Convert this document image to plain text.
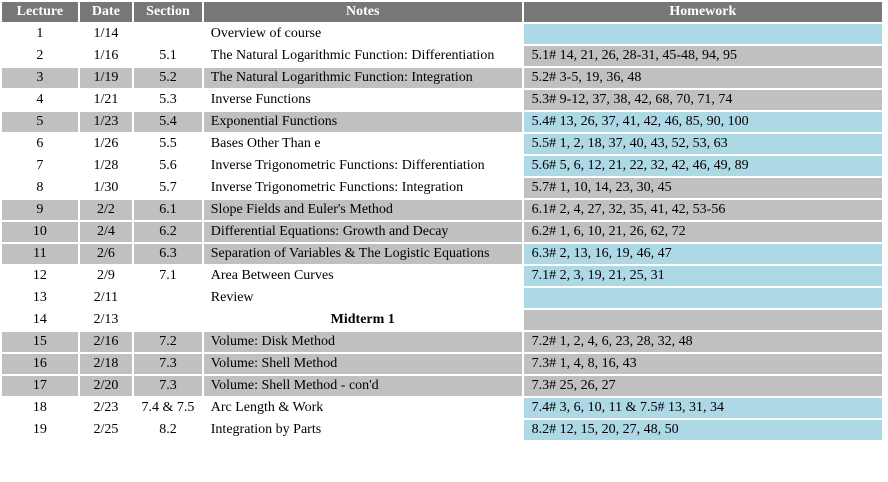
Lecture	Date	Section	Notes	Homework
1	1/14		Overview of course	
2	1/16	5.1	The Natural Logarithmic Function: Differentiation	5.1# 14, 21, 26, 28-31, 45-48, 94, 95
3	1/19	5.2	The Natural Logarithmic Function: Integration	5.2# 3-5, 19, 36, 48
4	1/21	5.3	Inverse Functions	5.3# 9-12, 37, 38, 42, 68, 70, 71, 74
5	1/23	5.4	Exponential Functions	5.4# 13, 26, 37, 41, 42, 46, 85, 90, 100
6	1/26	5.5	Bases Other Than e	5.5# 1, 2, 18, 37, 40, 43, 52, 53, 63
7	1/28	5.6	Inverse Trigonometric Functions: Differentiation	5.6# 5, 6, 12, 21, 22, 32, 42, 46, 49, 89
8	1/30	5.7	Inverse Trigonometric Functions: Integration	5.7# 1, 10, 14, 23, 30, 45
9	2/2	6.1	Slope Fields and Euler's Method	6.1# 2, 4, 27, 32, 35, 41, 42, 53-56
10	2/4	6.2	Differential Equations: Growth and Decay	6.2# 1, 6, 10, 21, 26, 62, 72
11	2/6	6.3	Separation of Variables & The Logistic Equations	6.3# 2, 13, 16, 19, 46, 47
12	2/9	7.1	Area Between Curves	7.1# 2, 3, 19, 21, 25, 31
13	2/11		Review	
14	2/13		Midterm 1	
15	2/16	7.2	Volume: Disk Method	7.2# 1, 2, 4, 6, 23, 28, 32, 48
16	2/18	7.3	Volume: Shell Method	7.3# 1, 4, 8, 16, 43
17	2/20	7.3	Volume: Shell Method - con'd	7.3# 25, 26, 27
18	2/23	7.4 & 7.5	Arc Length & Work	7.4# 3, 6, 10, 11 & 7.5# 13, 31, 34
19	2/25	8.2	Integration by Parts	8.2# 12, 15, 20, 27, 48, 50
